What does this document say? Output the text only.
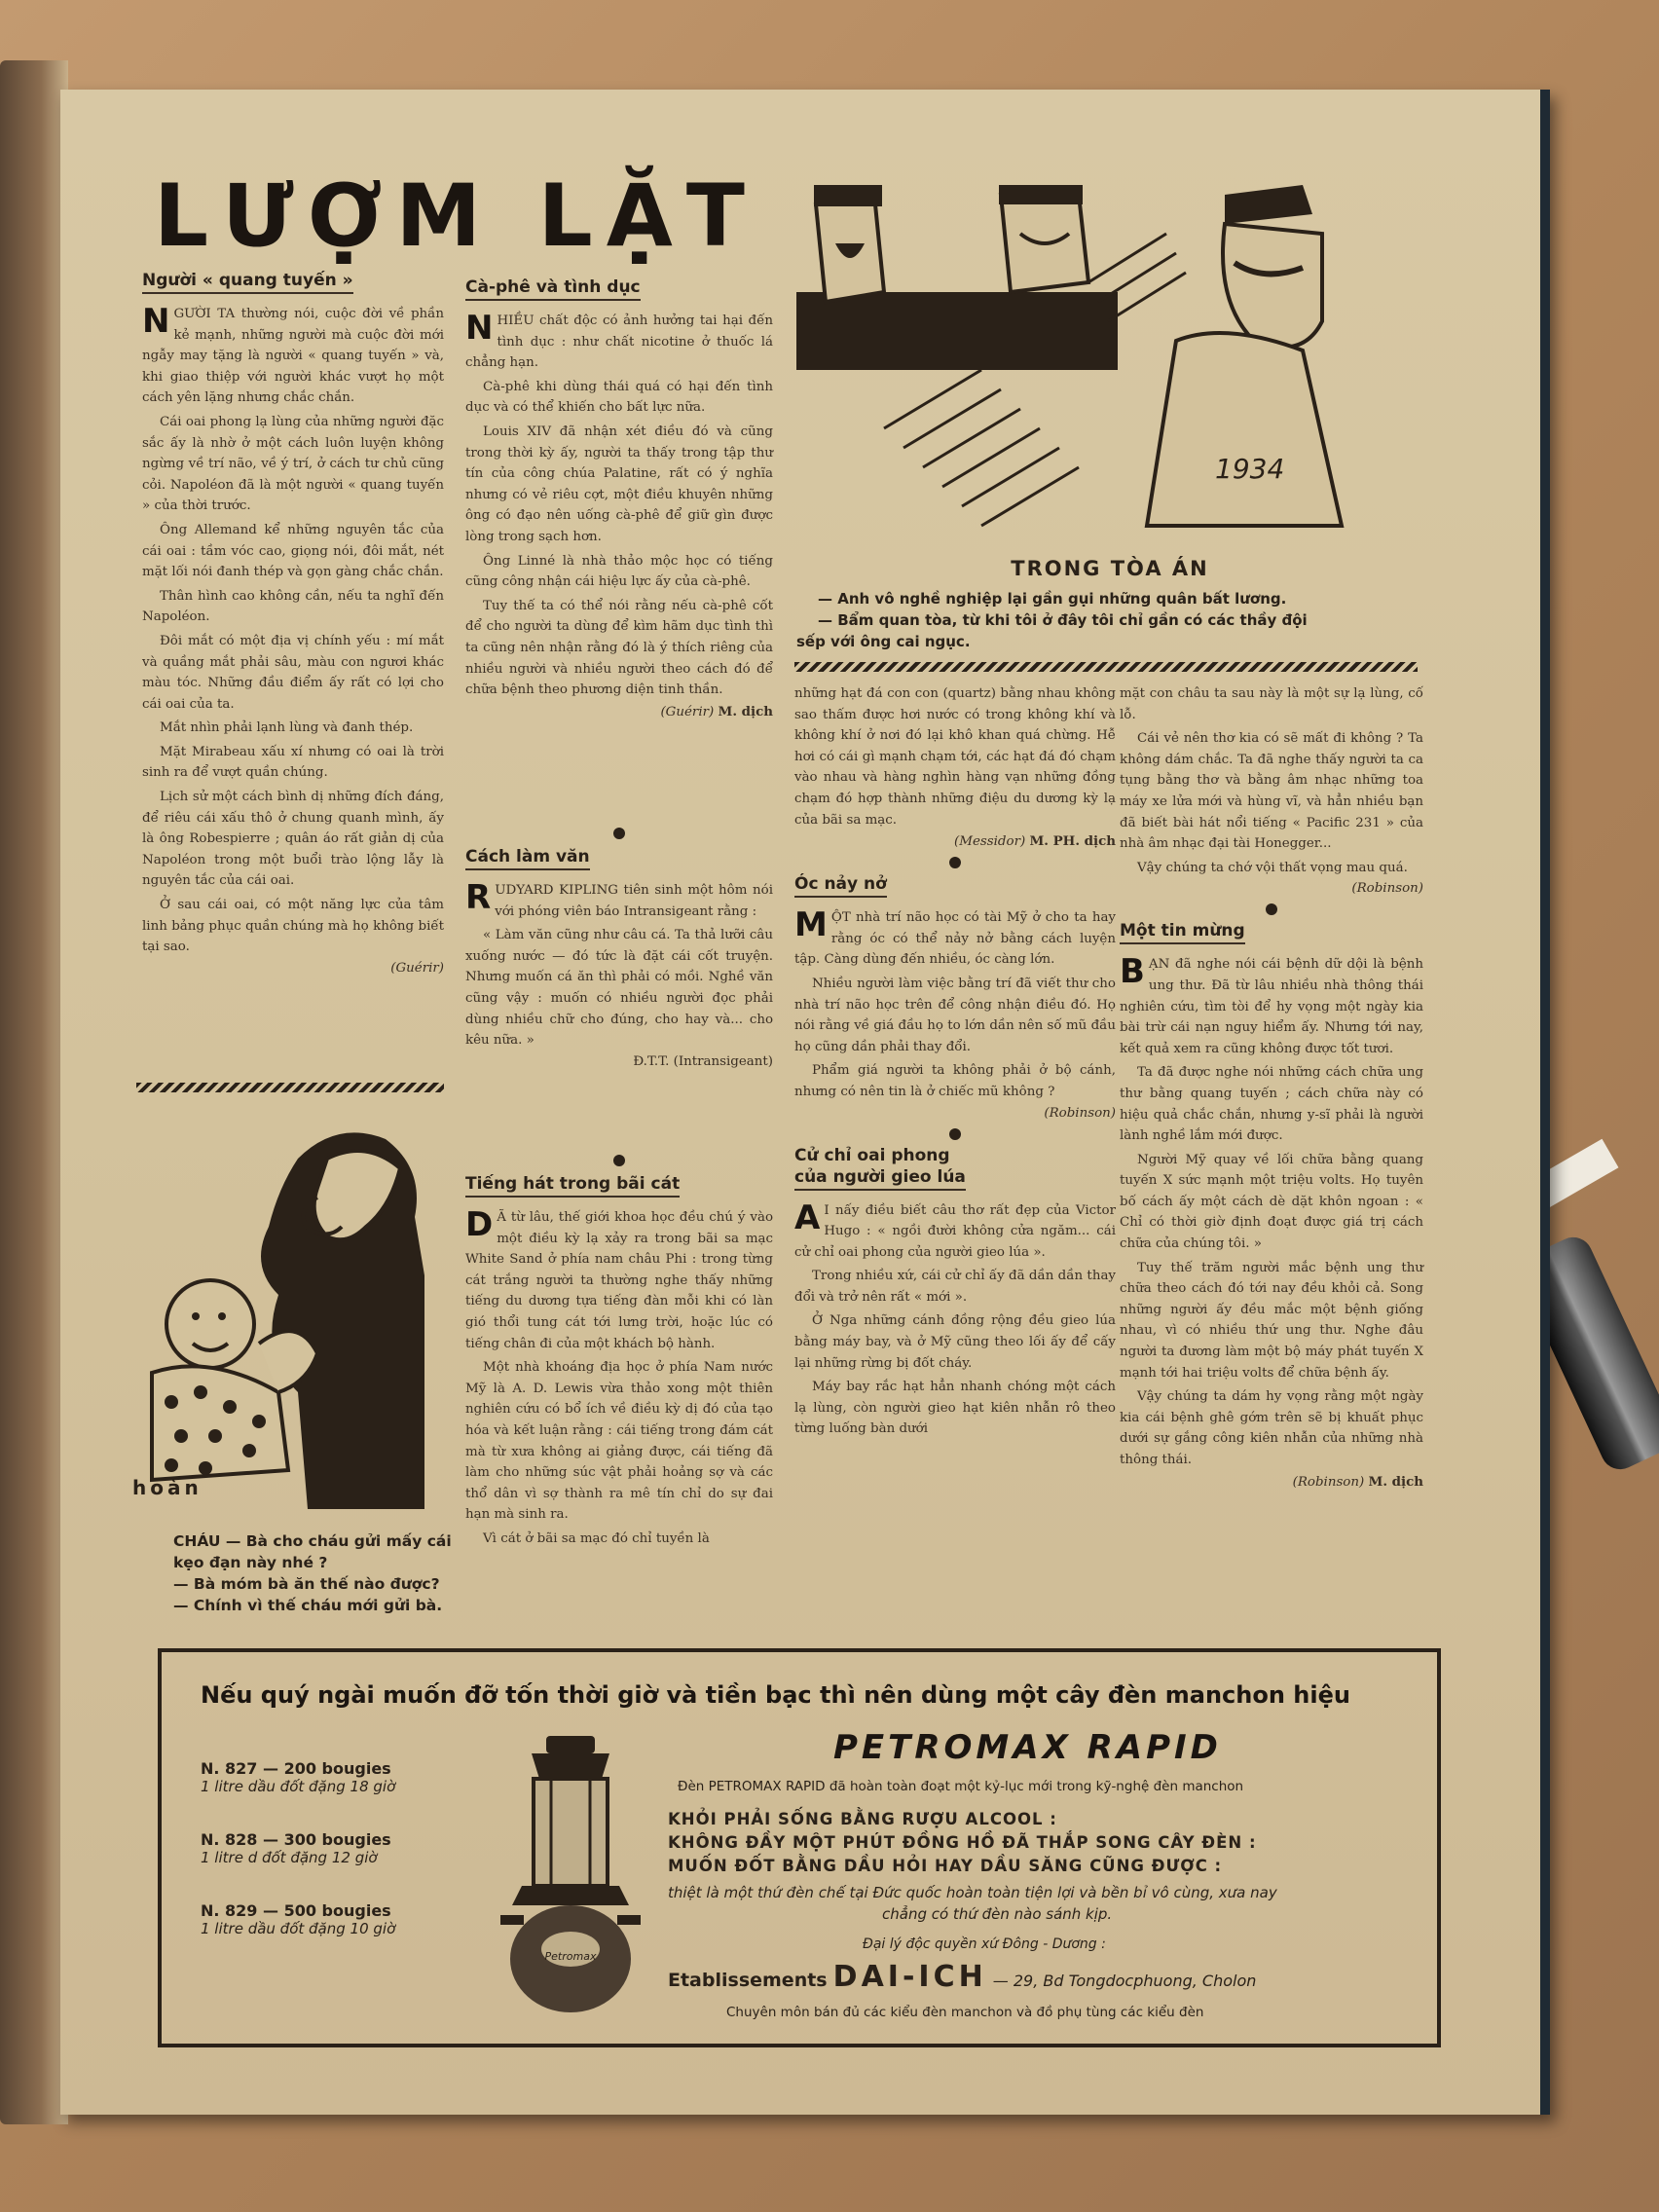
LƯỢM LẶT
Người « quang tuyến »

NGƯỜI TA thường nói, cuộc đời về phần kẻ mạnh, những người mà cuộc đời mới ngẫy may tặng là người « quang tuyến » và, khi giao thiệp với người khác vượt họ một cách yên lặng nhưng chắc chắn.

Cái oai phong lạ lùng của những người đặc sắc ấy là nhờ ở một cách luôn luyện không ngừng về trí não, về ý trí, ở cách tư chủ cũng cỏi. Napoléon đã là một người « quang tuyến » của thời trước.

Ông Allemand kể những nguyên tắc của cái oai : tầm vóc cao, giọng nói, đôi mắt, nét mặt lối nói đanh thép và gọn gàng chắc chắn.

Thân hình cao không cần, nếu ta nghĩ đến Napoléon.

Đôi mắt có một địa vị chính yếu : mí mắt và quầng mắt phải sâu, màu con ngươi khác màu tóc. Những đầu điểm ấy rất có lợi cho cái oai của ta.

Mắt nhìn phải lạnh lùng và đanh thép.

Mặt Mirabeau xấu xí nhưng có oai là trời sinh ra để vượt quần chúng.

Lịch sử một cách bình dị những đích đáng, để riêu cái xấu thô ở chung quanh mình, ấy là ông Robespierre ; quân áo rất giản dị của Napoléon trong một buổi trào lộng lẫy là nguyên tắc của cái oai.

Ở sau cái oai, có một năng lực của tâm linh bảng phục quần chúng mà họ không biết tại sao.

(Guérir)
hoàn
CHÁU — Bà cho cháu gửi mấy cái kẹo đạn này nhé ?
— Bà móm bà ăn thế nào được?
— Chính vì thế cháu mới gửi bà.
Cà-phê và tình dục

NHIỀU chất độc có ảnh hưởng tai hại đến tình dục : như chất nicotine ở thuốc lá chẳng hạn.

Cà-phê khi dùng thái quá có hại đến tình dục và có thể khiến cho bất lực nữa.

Louis XIV đã nhận xét điều đó và cũng trong thời kỳ ấy, người ta thấy trong tập thư tín của công chúa Palatine, rất có ý nghĩa nhưng có vẻ riêu cợt, một điều khuyên những ông có đạo nên uống cà-phê để giữ gìn được lòng trong sạch hơn.

Ông Linné là nhà thảo mộc học có tiếng cũng công nhận cái hiệu lực ấy của cà-phê.

Tuy thế ta có thể nói rằng nếu cà-phê cốt để cho người ta dùng để kìm hãm dục tình thì ta cũng nên nhận rằng đó là ý thích riêng của nhiều người và nhiều người theo cách đó để chữa bệnh theo phương diện tinh thần.

(Guérir) M. dịch
Cách làm văn

RUDYARD KIPLING tiên sinh một hôm nói với phóng viên báo Intransigeant rằng :

« Làm văn cũng như câu cá. Ta thả lưỡi câu xuống nước — đó tức là đặt cái cốt truyện. Nhưng muốn cá ăn thì phải có mồi. Nghề văn cũng vậy : muốn có nhiều người đọc phải dùng nhiều chữ cho đúng, cho hay và... cho kêu nữa. »

Đ.T.T. (Intransigeant)
Tiếng hát trong bãi cát

D Ã từ lâu, thế giới khoa học đều chú ý vào một điều kỳ lạ xảy ra trong bãi sa mạc White Sand ở phía nam châu Phi : trong từng cát trắng người ta thường nghe thấy những tiếng du dương tựa tiếng đàn mỗi khi có làn gió thổi tung cát tới lưng trời, hoặc lúc có tiếng chân đi của một khách bộ hành.

Một nhà khoáng địa học ở phía Nam nước Mỹ là A. D. Lewis vừa thảo xong một thiên nghiên cứu có bổ ích về điều kỳ dị đó của tạo hóa và kết luận rằng : cái tiếng trong đám cát mà từ xưa không ai giảng được, cái tiếng đã làm cho những súc vật phải hoảng sợ và các thổ dân vì sợ thành ra mê tín chỉ do sự đai hạn mà sinh ra.

Vì cát ở bãi sa mạc đó chỉ tuyền là

1934
TRONG TÒA ÁN
— Anh vô nghề nghiệp lại gần gụi những quân bất lương.
— Bẩm quan tòa, từ khi tôi ở đây tôi chỉ gần có các thầy đội
sếp với ông cai ngục.

những hạt đá con con (quartz) bằng nhau không sao thấm được hơi nước có trong không khí và không khí ở nơi đó lại khô khan quá chừng. Hễ hơi có cái gì mạnh chạm tới, các hạt đá đó chạm vào nhau và hàng nghìn hàng vạn những đồng chạm đó hợp thành những điệu du dương kỳ lạ của bãi sa mạc.

(Messidor) M. PH. dịch
Óc nảy nở

MỘT nhà trí não học có tài Mỹ ở cho ta hay rằng óc có thể nảy nở bằng cách luyện tập. Càng dùng đến nhiều, óc càng lớn.

Nhiều người làm việc bằng trí đã viết thư cho nhà trí não học trên để công nhận điều đó. Họ nói rằng về giá đầu họ to lớn dần nên số mũ đầu họ cũng dần phải thay đổi.

Phẩm giá người ta không phải ở bộ cánh, nhưng có nên tin là ở chiếc mũ không ?

(Robinson)
Cử chỉ oai phong
của người gieo lúa

A I nấy điều biết câu thơ rất đẹp của Victor Hugo : « ngồi đười không cửa ngăm... cái cử chỉ oai phong của người gieo lúa ».

Trong nhiều xứ, cái cử chỉ ấy đã dần dần thay đổi và trở nên rất « mới ».

Ở Nga những cánh đồng rộng đều gieo lúa bằng máy bay, và ở Mỹ cũng theo lối ấy để cấy lại những rừng bị đốt cháy.

Máy bay rắc hạt hẳn nhanh chóng một cách lạ lùng, còn người gieo hạt kiên nhẫn rô theo từng luống bàn dưới

mặt con châu ta sau này là một sự lạ lùng, cố lỗ.

Cái vẻ nên thơ kia có sẽ mất đi không ? Ta không dám chắc. Ta đã nghe thấy người ta ca tụng bằng thơ và bằng âm nhạc những toa máy xe lửa mới và hùng vĩ, và hẳn nhiều bạn đã biết bài hát nổi tiếng « Pacific 231 » của nhà âm nhạc đại tài Honegger...

Vậy chúng ta chớ vội thất vọng mau quá.

(Robinson)
Một tin mừng

BẠN đã nghe nói cái bệnh dữ dội là bệnh ung thư. Đã từ lâu nhiều nhà thông thái nghiên cứu, tìm tòi để hy vọng một ngày kia bài trừ cái nạn nguy hiểm ấy. Nhưng tới nay, kết quả xem ra cũng không được tốt tươi.

Ta đã được nghe nói những cách chữa ung thư bằng quang tuyến ; cách chữa này có hiệu quả chắc chắn, nhưng y-sĩ phải là người lành nghề lắm mới được.

Người Mỹ quay về lối chữa bằng quang tuyến X sức mạnh một triệu volts. Họ tuyên bố cách ấy một cách dè dặt khôn ngoan : « Chỉ có thời giờ định đoạt được giá trị cách chữa của chúng tôi. »

Tuy thế trăm người mắc bệnh ung thư chữa theo cách đó tới nay đều khỏi cả. Song những người ấy đều mắc một bệnh giống nhau, vì có nhiều thứ ung thư. Nghe đâu người ta đương làm một bộ máy phát tuyến X mạnh tới hai triệu volts để chữa bệnh ấy.

Vậy chúng ta dám hy vọng rằng một ngày kia cái bệnh ghê gớm trên sẽ bị khuất phục dưới sự gắng công kiên nhẫn của những nhà thông thái.

(Robinson) M. dịch
Nếu quý ngài muốn đỡ tốn thời giờ và tiền bạc thì nên dùng một cây đèn manchon hiệu
PETROMAX RAPID
N. 827 — 200 bougies
1 litre dầu đốt đặng 18 giờ
N. 828 — 300 bougies
1 litre d đốt đặng 12 giờ
N. 829 — 500 bougies
1 litre dầu đốt đặng 10 giờ
Petromax
Đèn PETROMAX RAPID đã hoàn toàn đoạt một kỷ-lục mới trong kỹ-nghệ đèn manchon
KHỎI PHẢI SỐNG BẰNG RƯỢU ALCOOL :
KHÔNG ĐẦY MỘT PHÚT ĐỒNG HỒ ĐÃ THẮP SONG CÂY ĐÈN :
MUỐN ĐỐT BẰNG DẦU HỎI HAY DẦU SĂNG CŨNG ĐƯỢC :
thiệt là một thứ đèn chế tại Đức quốc hoàn toàn tiện lợi và bền bỉ vô cùng, xưa nay
chẳng có thứ đèn nào sánh kịp.
Đại lý độc quyền xứ Đông - Dương :
Etablissements DAI-ICH — 29, Bd Tongdocphuong, Cholon
Chuyên môn bán đủ các kiểu đèn manchon và đồ phụ tùng các kiểu đèn
